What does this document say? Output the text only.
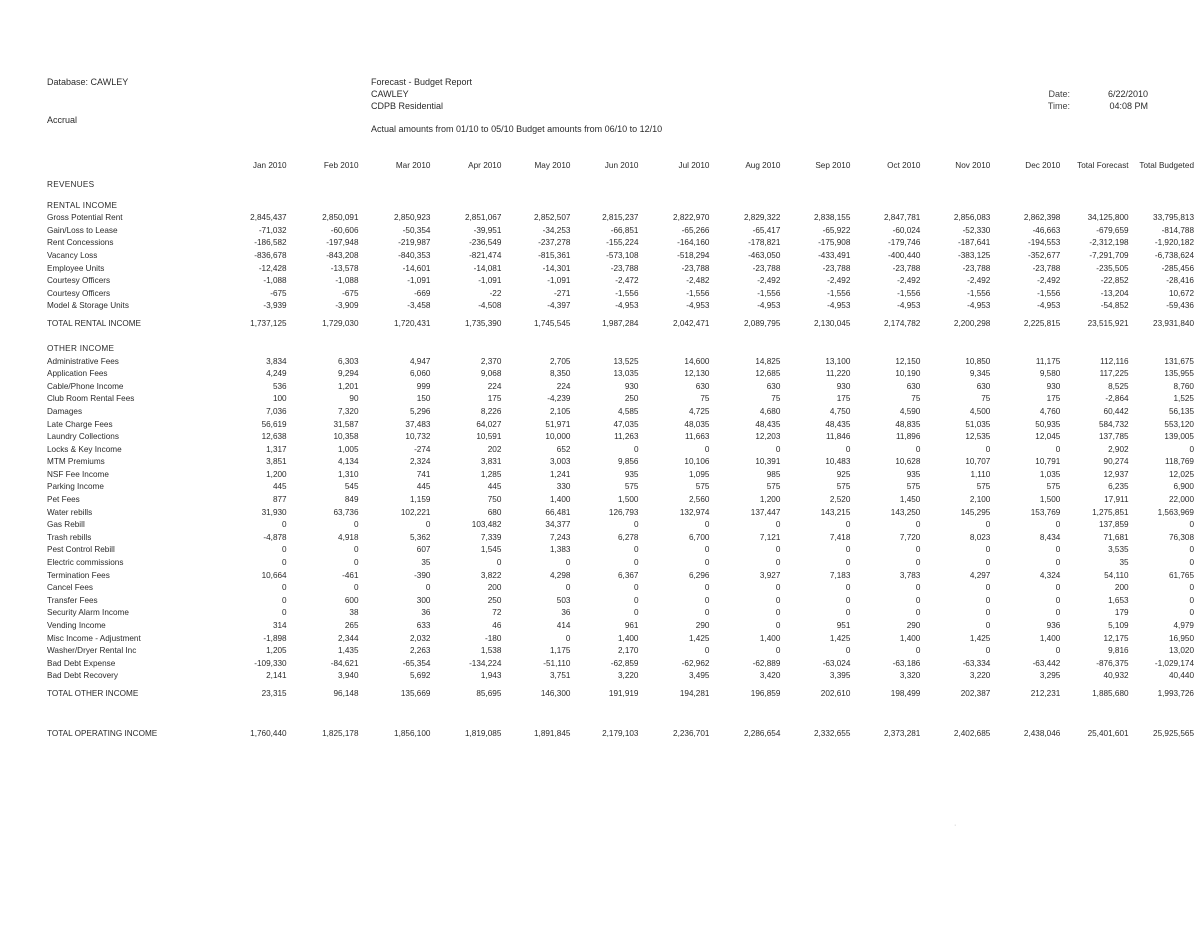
Database: CAWLEY
Accrual
Forecast - Budget Report
CAWLEY
CDPB Residential
Actual amounts from 01/10 to 05/10 Budget amounts from 06/10 to 12/10
Date:	6/22/2010
Time:	04:08 PM
	Jan 2010	Feb 2010	Mar 2010	Apr 2010	May 2010	Jun 2010	Jul 2010	Aug 2010	Sep 2010	Oct 2010	Nov 2010	Dec 2010	Total Forecast	Total Budgeted

REVENUES														

RENTAL INCOME														
Gross Potential Rent	2,845,437	2,850,091	2,850,923	2,851,067	2,852,507	2,815,237	2,822,970	2,829,322	2,838,155	2,847,781	2,856,083	2,862,398	34,125,800	33,795,813
Gain/Loss to Lease	-71,032	-60,606	-50,354	-39,951	-34,253	-66,851	-65,266	-65,417	-65,922	-60,024	-52,330	-46,663	-679,659	-814,788
Rent Concessions	-186,582	-197,948	-219,987	-236,549	-237,278	-155,224	-164,160	-178,821	-175,908	-179,746	-187,641	-194,553	-2,312,198	-1,920,182
Vacancy Loss	-836,678	-843,208	-840,353	-821,474	-815,361	-573,108	-518,294	-463,050	-433,491	-400,440	-383,125	-352,677	-7,291,709	-6,738,624
Employee Units	-12,428	-13,578	-14,601	-14,081	-14,301	-23,788	-23,788	-23,788	-23,788	-23,788	-23,788	-23,788	-235,505	-285,456
Courtesy Officers	-1,088	-1,088	-1,091	-1,091	-1,091	-2,472	-2,482	-2,492	-2,492	-2,492	-2,492	-2,492	-22,852	-28,416
Courtesy Officers	-675	-675	-669	-22	-271	-1,556	-1,556	-1,556	-1,556	-1,556	-1,556	-1,556	-13,204	10,672
Model & Storage Units	-3,939	-3,909	-3,458	-4,508	-4,397	-4,953	-4,953	-4,953	-4,953	-4,953	-4,953	-4,953	-54,852	-59,436
TOTAL RENTAL INCOME	1,737,125	1,729,030	1,720,431	1,735,390	1,745,545	1,987,284	2,042,471	2,089,795	2,130,045	2,174,782	2,200,298	2,225,815	23,515,921	23,931,840

OTHER INCOME														
Administrative Fees	3,834	6,303	4,947	2,370	2,705	13,525	14,600	14,825	13,100	12,150	10,850	11,175	112,116	131,675
Application Fees	4,249	9,294	6,060	9,068	8,350	13,035	12,130	12,685	11,220	10,190	9,345	9,580	117,225	135,955
Cable/Phone Income	536	1,201	999	224	224	930	630	630	930	630	630	930	8,525	8,760
Club Room Rental Fees	100	90	150	175	-4,239	250	75	75	175	75	75	175	-2,864	1,525
Damages	7,036	7,320	5,296	8,226	2,105	4,585	4,725	4,680	4,750	4,590	4,500	4,760	60,442	56,135
Late Charge Fees	56,619	31,587	37,483	64,027	51,971	47,035	48,035	48,435	48,435	48,835	51,035	50,935	584,732	553,120
Laundry Collections	12,638	10,358	10,732	10,591	10,000	11,263	11,663	12,203	11,846	11,896	12,535	12,045	137,785	139,005
Locks & Key Income	1,317	1,005	-274	202	652	0	0	0	0	0	0	0	2,902	0
MTM Premiums	3,851	4,134	2,324	3,831	3,003	9,856	10,106	10,391	10,483	10,628	10,707	10,791	90,274	118,769
NSF Fee Income	1,200	1,310	741	1,285	1,241	935	1,095	985	925	935	1,110	1,035	12,937	12,025
Parking Income	445	545	445	445	330	575	575	575	575	575	575	575	6,235	6,900
Pet Fees	877	849	1,159	750	1,400	1,500	2,560	1,200	2,520	1,450	2,100	1,500	17,911	22,000
Water rebills	31,930	63,736	102,221	680	66,481	126,793	132,974	137,447	143,215	143,250	145,295	153,769	1,275,851	1,563,969
Gas Rebill	0	0	0	103,482	34,377	0	0	0	0	0	0	0	137,859	0
Trash rebills	-4,878	4,918	5,362	7,339	7,243	6,278	6,700	7,121	7,418	7,720	8,023	8,434	71,681	76,308
Pest Control Rebill	0	0	607	1,545	1,383	0	0	0	0	0	0	0	3,535	0
Electric commissions	0	0	35	0	0	0	0	0	0	0	0	0	35	0
Termination Fees	10,664	-461	-390	3,822	4,298	6,367	6,296	3,927	7,183	3,783	4,297	4,324	54,110	61,765
Cancel Fees	0	0	0	200	0	0	0	0	0	0	0	0	200	0
Transfer Fees	0	600	300	250	503	0	0	0	0	0	0	0	1,653	0
Security Alarm Income	0	38	36	72	36	0	0	0	0	0	0	0	179	0
Vending Income	314	265	633	46	414	961	290	0	951	290	0	936	5,109	4,979
Misc Income - Adjustment	-1,898	2,344	2,032	-180	0	1,400	1,425	1,400	1,425	1,400	1,425	1,400	12,175	16,950
Washer/Dryer Rental Inc	1,205	1,435	2,263	1,538	1,175	2,170	0	0	0	0	0	0	9,816	13,020
Bad Debt Expense	-109,330	-84,621	-65,354	-134,224	-51,110	-62,859	-62,962	-62,889	-63,024	-63,186	-63,334	-63,442	-876,375	-1,029,174
Bad Debt Recovery	2,141	3,940	5,692	1,943	3,751	3,220	3,495	3,420	3,395	3,320	3,220	3,295	40,932	40,440
TOTAL OTHER INCOME	23,315	96,148	135,669	85,695	146,300	191,919	194,281	196,859	202,610	198,499	202,387	212,231	1,885,680	1,993,726

TOTAL OPERATING INCOME	1,760,440	1,825,178	1,856,100	1,819,085	1,891,845	2,179,103	2,236,701	2,286,654	2,332,655	2,373,281	2,402,685	2,438,046	25,401,601	25,925,565
·
